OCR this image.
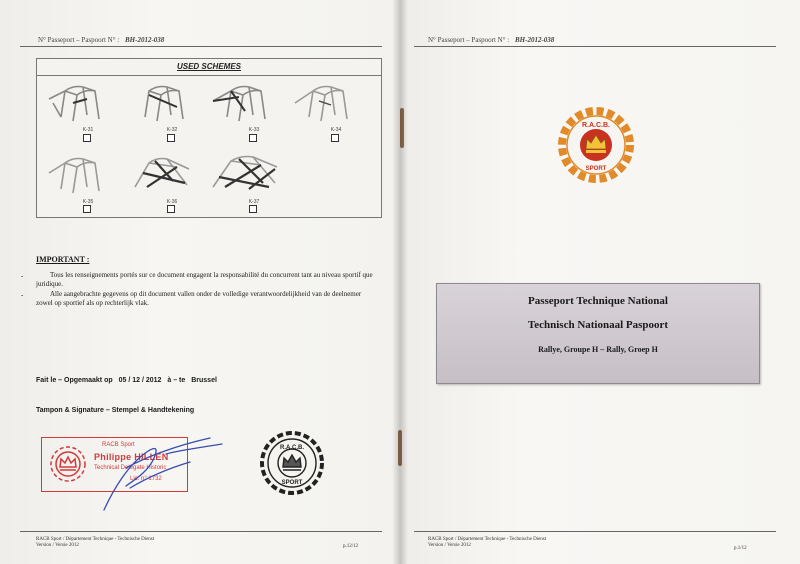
N° Passeport – Paspoort N° : BH-2012-038
USED SCHEMES
K-31	K-32	K-33	K-34
K-35	K-36	K-37
IMPORTANT :
-	Tous les renseignements portés sur ce document engagent la responsabilité du concurrent tant au niveau sportif que juridique.
-	Alle aangebrachte gegevens op dit document vallen onder de volledige verantwoordelijkheid van de deelnemer zowel op sportief als op rechterlijk vlak.
Fait le – Opgemaakt op 05 / 12 / 2012 à – te Brussel
Tampon & Signature – Stempel & Handtekening
RACB Sport
Philippe HILLEN
Technical Delegate Historic
Lic. n° 1732
R.A.C.B.
SPORT
RACB Sport / Département Technique - Technische Dienst
Version / Versie 2012	p.12/12
N° Passeport – Paspoort N° : BH-2012-038
R.A.C.B.
SPORT
RACB Sport / Département Technique - Technische Dienst
Version / Versie 2012
p.1/12
Passeport Technique National
Technisch Nationaal Paspoort
Rallye, Groupe H – Rally, Groep H
